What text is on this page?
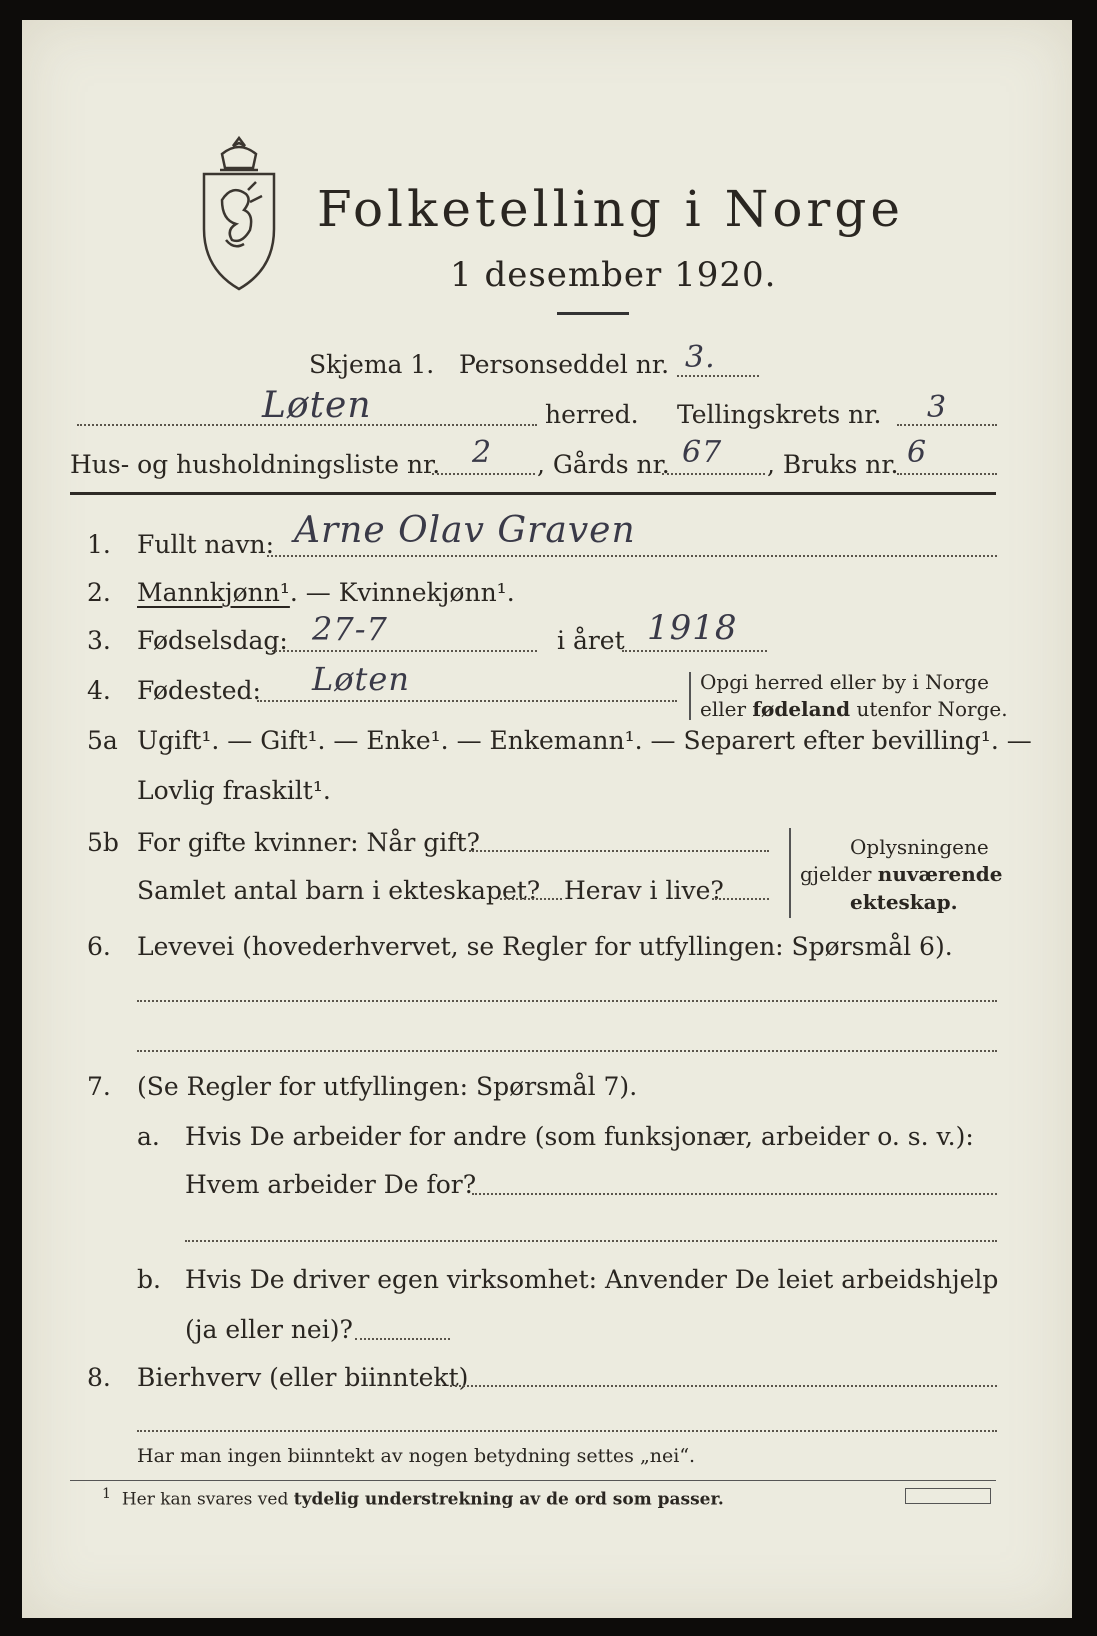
Folketelling i Norge
1 desember 1920.
Skjema 1. Personseddel nr. 3.
Løten	herred. Tellingskrets nr. 3
Hus- og husholdningsliste nr. 2 , Gårds nr. 67 , Bruks nr. 6
1. Fullt navn: Arne Olav Graven
2. Mannkjønn¹. — Kvinnekjønn¹.
3. Fødselsdag: 27-7	i året 1918
4. Fødested: Løten	Opgi herred eller by i Norge
eller fødeland utenfor Norge.
5a Ugift¹. — Gift¹. — Enke¹. — Enkemann¹. — Separert efter bevilling¹. —
Lovlig fraskilt¹.
5b For gifte kvinner: Når gift?
Samlet antal barn i ekteskapet? Herav i live?
Oplysningene
gjelder nuværende
ekteskap.
6. Levevei (hovederhvervet, se Regler for utfyllingen: Spørsmål 6).
7. (Se Regler for utfyllingen: Spørsmål 7).
a. Hvis De arbeider for andre (som funksjonær, arbeider o. s. v.):
Hvem arbeider De for?
b. Hvis De driver egen virksomhet: Anvender De leiet arbeidshjelp
(ja eller nei)?
8. Bierhverv (eller biinntekt)
Har man ingen biinntekt av nogen betydning settes „nei“.
$^1$ Her kan svares ved tydelig understrekning av de ord som passer.
